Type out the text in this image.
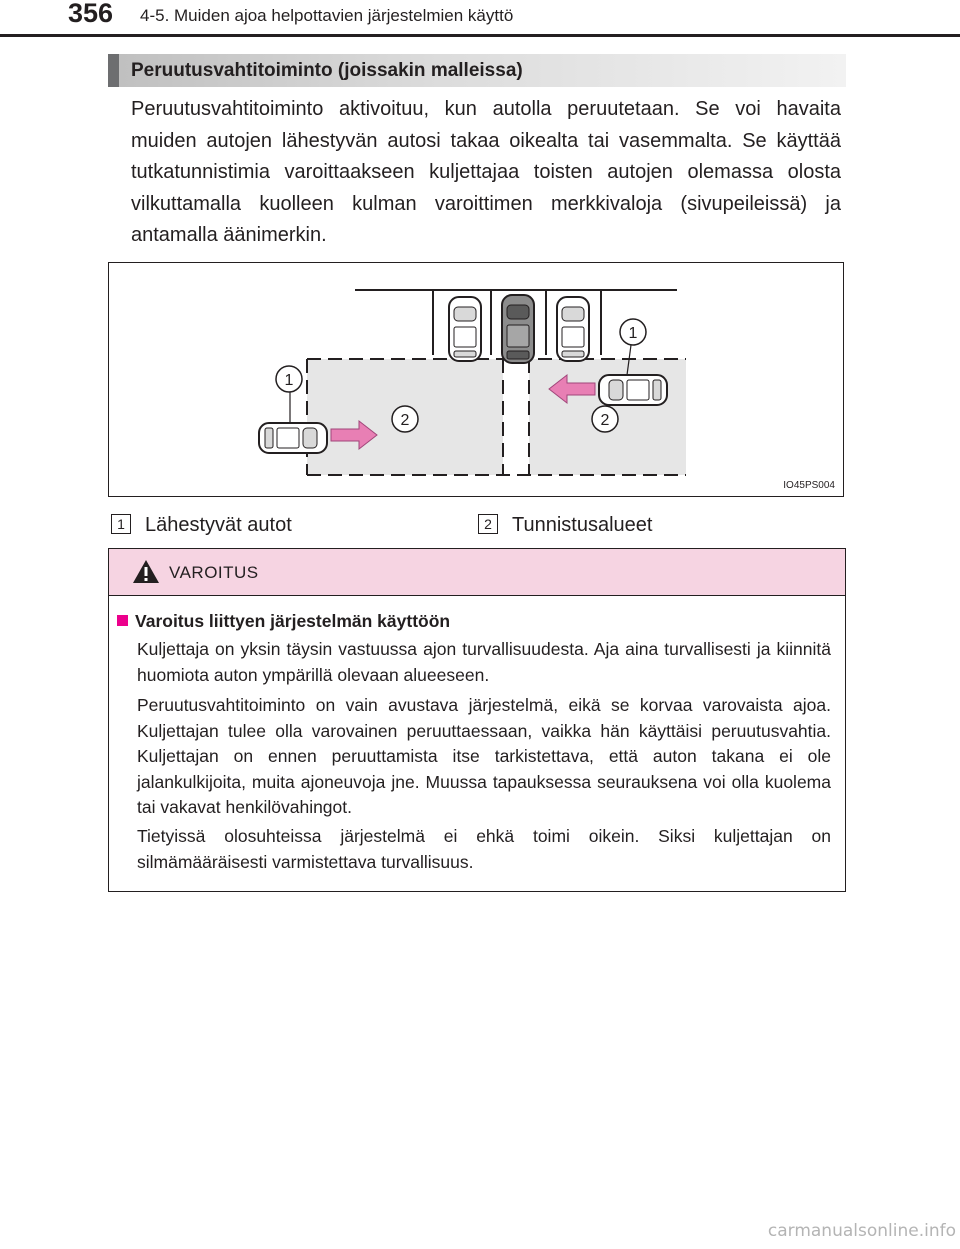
356 4-5. Muiden ajoa helpottavien järjestelmien käyttö
Peruutusvahtitoiminto (joissakin malleissa)
Peruutusvahtitoiminto aktivoituu, kun autolla peruutetaan. Se voi havaita muiden autojen lähestyvän autosi takaa oikealta tai vasemmalta. Se käyttää tutkatunnistimia varoittaakseen kuljettajaa toisten autojen olemassa olosta vilkuttamalla kuolleen kulman varoittimen merkkivaloja (sivupeileissä) ja antamalla äänimerkin.
1
1
2	2
IO45PS004
1 Lähestyvät autot	2 Tunnistusalueet
VAROITUS
Varoitus liittyen järjestelmän käyttöön
Kuljettaja on yksin täysin vastuussa ajon turvallisuudesta. Aja aina turvallisesti ja kiinnitä huomiota auton ympärillä olevaan alueeseen.
Peruutusvahtitoiminto on vain avustava järjestelmä, eikä se korvaa varovaista ajoa. Kuljettajan tulee olla varovainen peruuttaessaan, vaikka hän käyttäisi peruutusvahtia. Kuljettajan on ennen peruuttamista itse tarkistettava, että auton takana ei ole jalankulkijoita, muita ajoneuvoja jne. Muussa tapauksessa seurauksena voi olla kuolema tai vakavat henkilövahingot.
Tietyissä olosuhteissa järjestelmä ei ehkä toimi oikein. Siksi kuljettajan on silmämääräisesti varmistettava turvallisuus.
carmanualsonline.info
